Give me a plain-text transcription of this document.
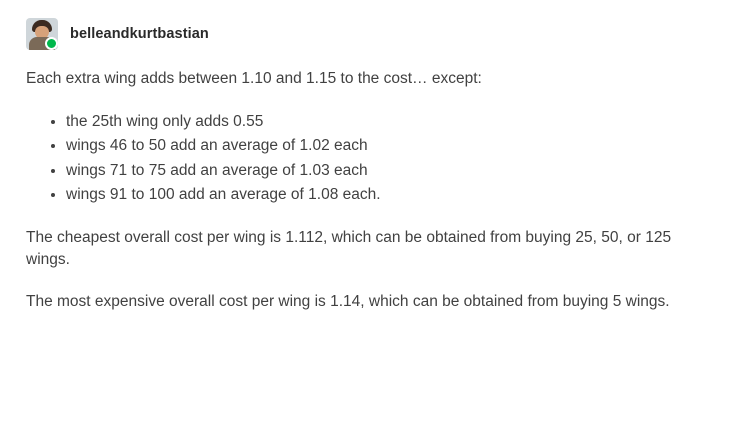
belleandkurtbastian

Each extra wing adds between 1.10 and 1.15 to the cost… except:

• the 25th wing only adds 0.55
• wings 46 to 50 add an average of 1.02 each
• wings 71 to 75 add an average of 1.03 each
• wings 91 to 100 add an average of 1.08 each.

The cheapest overall cost per wing is 1.112, which can be obtained from buying 25, 50, or 125 wings.

The most expensive overall cost per wing is 1.14, which can be obtained from buying 5 wings.
